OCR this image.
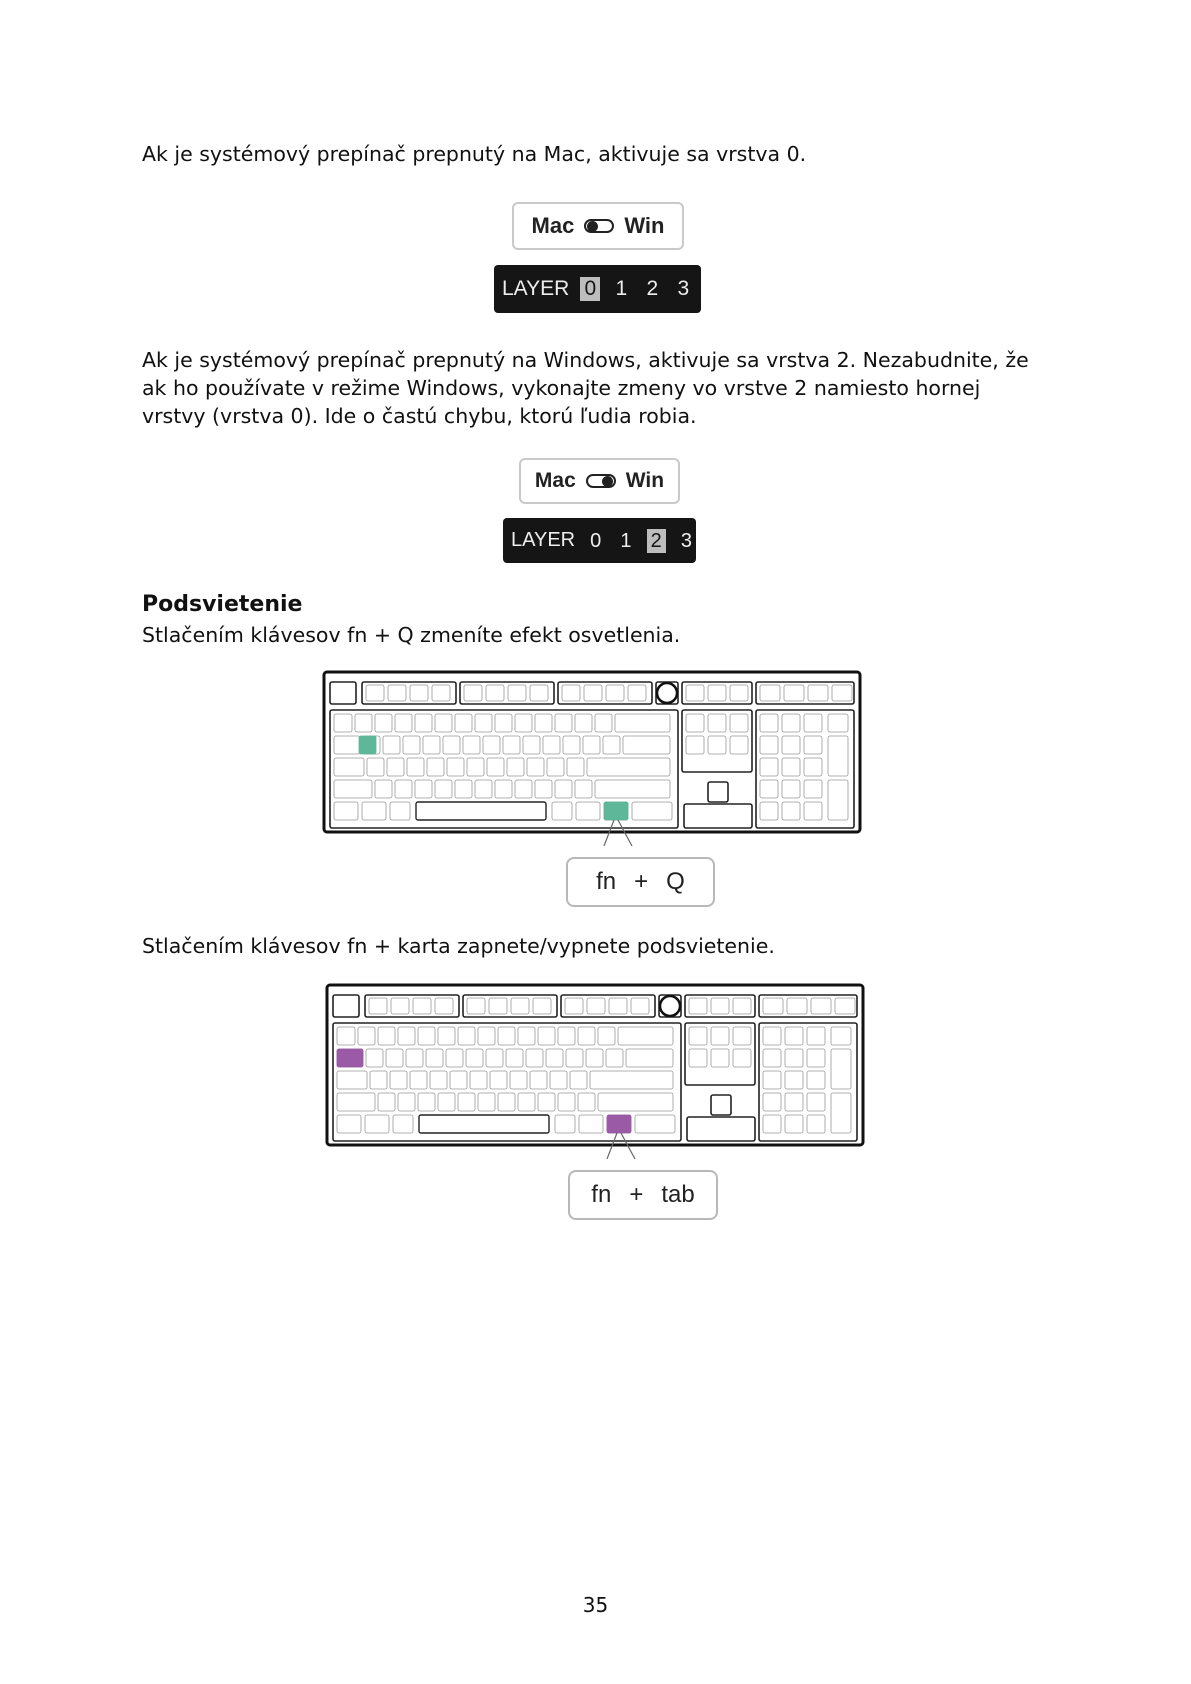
Ak je systémový prepínač prepnutý na Mac, aktivuje sa vrstva 0.

Mac Win
LAYER 0 1 2 3

Ak je systémový prepínač prepnutý na Windows, aktivuje sa vrstva 2. Nezabudnite, že ak ho používate v režime Windows, vykonajte zmeny vo vrstve 2 namiesto hornej vrstvy (vrstva 0). Ide o častú chybu, ktorú ľudia robia.

Mac Win
LAYER 0 1 2 3
Podsvietenie

Stlačením klávesov fn + Q zmeníte efekt osvetlenia.

fn + Q

Stlačením klávesov fn + karta zapnete/vypnete podsvietenie.

fn + tab
35
